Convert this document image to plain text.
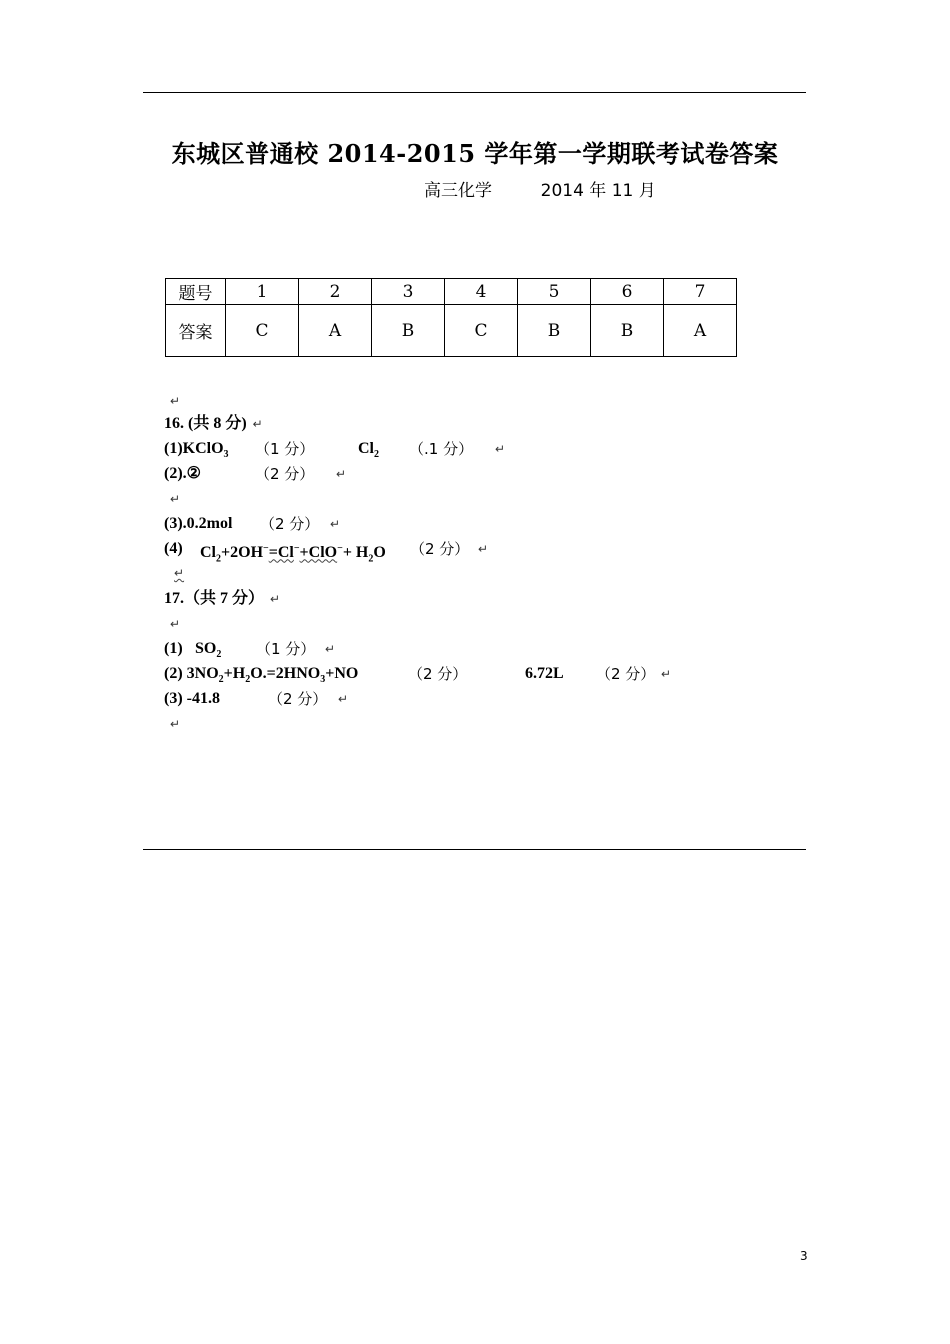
东城区普通校 2014-2015 学年第一学期联考试卷答案
高三化学	2014 年 11 月
题号	1	2	3	4	5	6	7
答案	C	A	B	C	B	B	A
↵
16. (共 8 分) ↵
(1)KClO$_3$ （1 分）	$Cl_2$ （.1 分） ↵
(2).②	（2 分） ↵
↵
(3).0.2mol （2 分） ↵
(4) $Cl_2+2OH^-=Cl^-+ClO^-+ H_2O$ （2 分） ↵
↵
17.（共 7 分） ↵
↵
(1) $SO_2$ （1 分） ↵
(2) $3NO_2+H_2O.=2HNO_3+NO$	（2 分）	6.72L （2 分） ↵
(3) -41.8	（2 分） ↵
↵
3
